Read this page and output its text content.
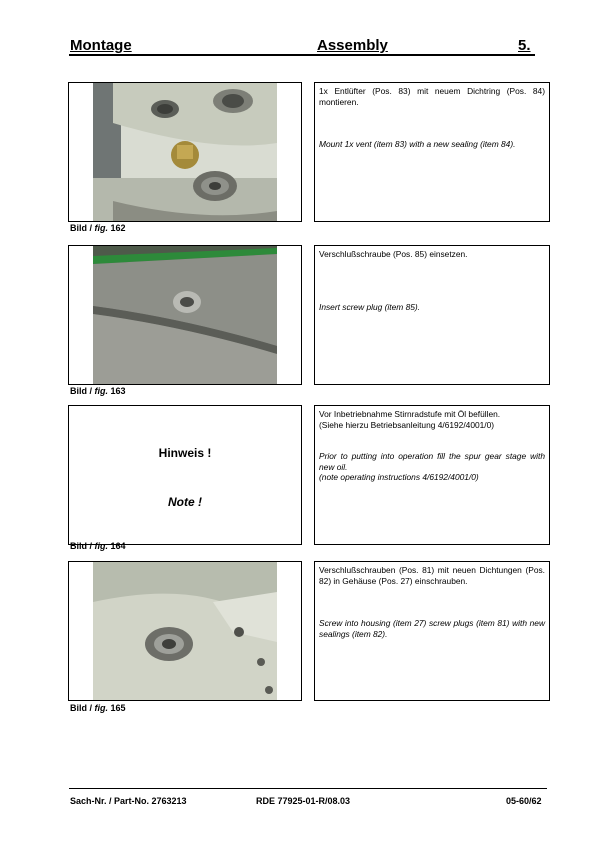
Montage	Assembly	5.

1x Entlüfter (Pos. 83) mit neuem Dichtring (Pos. 84) montieren.

Mount 1x vent (item 83) with a new sealing (item 84).

Bild / fig. 162

Verschlußschraube (Pos. 85) einsetzen.

Insert screw plug (item 85).

Bild / fig. 163
Hinweis !
Note !

Vor Inbetriebnahme Stirnradstufe mit Öl befüllen.

(Siehe hierzu Betriebsanleitung 4/6192/4001/0)

Prior to putting into operation fill the spur gear stage with new oil.

(note operating instructions 4/6192/4001/0)

Bild / fig. 164

Verschlußschrauben (Pos. 81) mit neuen Dichtungen (Pos. 82) in Gehäuse (Pos. 27) einschrauben.

Screw into housing (item 27) screw plugs (item 81) with new sealings (item 82).

Bild / fig. 165
Sach-Nr. / Part-No. 2763213	RDE 77925-01-R/08.03	05-60/62
